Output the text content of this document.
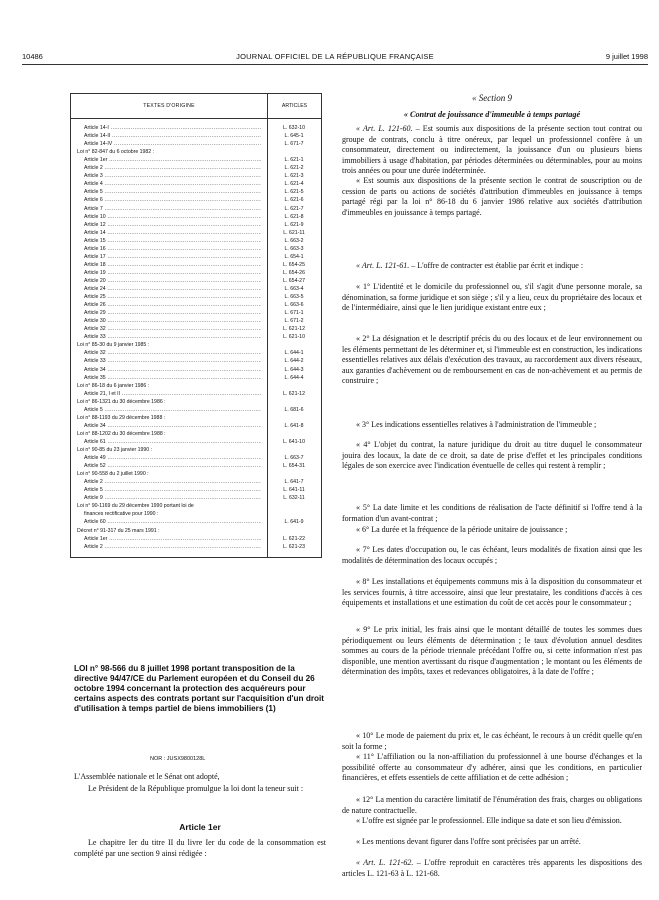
10486	JOURNAL OFFICIEL DE LA RÉPUBLIQUE FRANÇAISE	9 juillet 1998
TEXTES D'ORIGINE	ARTICLES
Article 14-I .....	L. 632-10
Article 14-II .....	L. 645-1
Article 14-IV .....	L. 671-7
Loi n° 82-847 du 6 octobre 1982 :
Article 1er .....	L. 621-1
Article 2 .....	L. 621-2
Article 3 .....	L. 621-3
Article 4 .....	L. 621-4
Article 5 .....	L. 621-5
Article 6 .....	L. 621-6
Article 7 .....	L. 621-7
Article 10 .....	L. 621-8
Article 12 .....	L. 621-9
Article 14 .....	L. 621-11
Article 15 .....	L. 663-2
Article 16 .....	L. 663-3
Article 17 .....	L. 654-1
Article 18 .....	L. 654-25
Article 19 .....	L. 654-26
Article 20 .....	L. 654-27
Article 24 .....	L. 663-4
Article 25 .....	L. 663-5
Article 26 .....	L. 663-6
Article 29 .....	L. 671-1
Article 30 .....	L. 671-2
Article 32 .....	L. 621-12
Article 33 .....	L. 621-10
Loi n° 85-30 du 9 janvier 1985 :
Article 32 .....	L. 644-1
Article 33 .....	L. 644-2
Article 34 .....	L. 644-3
Article 35 .....	L. 644-4
Loi n° 86-18 du 6 janvier 1986 :
Article 21, I et II .....	L. 621-12
Loi n° 86-1321 du 30 décembre 1986 :
Article 5 .....	L. 681-6
Loi n° 88-1193 du 29 décembre 1988 :
Article 34 .....	L. 641-8
Loi n° 88-1202 du 30 décembre 1988 :
Article 61 .....	L. 641-10
Loi n° 90-85 du 23 janvier 1990 :
Article 49 .....	L. 663-7
Article 52 .....	L. 654-31
Loi n° 90-558 du 2 juillet 1990 :
Article 2 .....	L. 641-7
Article 5 .....	L. 641-11
Article 9 .....	L. 632-11
Loi n° 90-1169 du 29 décembre 1990 portant loi de
finances rectificative pour 1990 :
Article 60 .....	L. 641-9
Décret n° 91-317 du 25 mars 1991 :
Article 1er .....	L. 621-22
Article 2 .....	L. 621-23
LOI n° 98-566 du 8 juillet 1998 portant transposition de la directive 94/47/CE du Parlement européen et du Conseil du 26 octobre 1994 concernant la protection des acquéreurs pour certains aspects des contrats portant sur l'acquisition d'un droit d'utilisation à temps partiel de biens immobiliers (1)
NOR : JUSX9800128L
L'Assemblée nationale et le Sénat ont adopté,
Le Président de la République promulgue la loi dont la teneur suit :
Article 1er
Le chapitre Ier du titre II du livre Ier du code de la consommation est complété par une section 9 ainsi rédigée :
« Section 9
« Contrat de jouissance d'immeuble à temps partagé
« Art. L. 121-60. – Est soumis aux dispositions de la présente section tout contrat ou groupe de contrats, conclu à titre onéreux, par lequel un professionnel confère à un consommateur, directement ou indirectement, la jouissance d'un ou plusieurs biens immobiliers à usage d'habitation, par périodes déterminées ou déterminables, pour au moins trois années ou pour une durée indéterminée.
« Est soumis aux dispositions de la présente section le contrat de souscription ou de cession de parts ou actions de sociétés d'attribution d'immeubles en jouissance à temps partagé régi par la loi n° 86-18 du 6 janvier 1986 relative aux sociétés d'attribution d'immeubles en jouissance à temps partagé.
« Art. L. 121-61. – L'offre de contracter est établie par écrit et indique :
« 1° L'identité et le domicile du professionnel ou, s'il s'agit d'une personne morale, sa dénomination, sa forme juridique et son siège ; s'il y a lieu, ceux du propriétaire des locaux et de l'intermédiaire, ainsi que le lien juridique existant entre eux ;
« 2° La désignation et le descriptif précis du ou des locaux et de leur environnement ou les éléments permettant de les déterminer et, si l'immeuble est en construction, les indications essentielles relatives aux délais d'exécution des travaux, au raccordement aux divers réseaux, aux garanties d'achèvement ou de remboursement en cas de non-achèvement et au permis de construire ;
« 3° Les indications essentielles relatives à l'administration de l'immeuble ;
« 4° L'objet du contrat, la nature juridique du droit au titre duquel le consommateur jouira des locaux, la date de ce droit, sa date de prise d'effet et les principales conditions légales de son exercice avec l'indication éventuelle de celles qui restent à remplir ;
« 5° La date limite et les conditions de réalisation de l'acte définitif si l'offre tend à la formation d'un avant-contrat ;
« 6° La durée et la fréquence de la période unitaire de jouissance ;
« 7° Les dates d'occupation ou, le cas échéant, leurs modalités de fixation ainsi que les modalités de détermination des locaux occupés ;
« 8° Les installations et équipements communs mis à la disposition du consommateur et les services fournis, à titre accessoire, ainsi que leur prestataire, les conditions d'accès à ces équipements et installations et une estimation du coût de cet accès pour le consommateur ;
« 9° Le prix initial, les frais ainsi que le montant détaillé de toutes les sommes dues périodiquement ou leurs éléments de détermination ; le taux d'évolution annuel desdites sommes au cours de la période triennale précédant l'offre ou, si cette information n'est pas disponible, une mention avertissant du risque d'augmentation ; le montant ou les éléments de détermination des impôts, taxes et redevances obligatoires, à la date de l'offre ;
« 10° Le mode de paiement du prix et, le cas échéant, le recours à un crédit quelle qu'en soit la forme ;
« 11° L'affiliation ou la non-affiliation du professionnel à une bourse d'échanges et la possibilité offerte au consommateur d'y adhérer, ainsi que les conditions, en particulier financières, et effets essentiels de cette affiliation et de cette adhésion ;
« 12° La mention du caractère limitatif de l'énumération des frais, charges ou obligations de nature contractuelle.
« L'offre est signée par le professionnel. Elle indique sa date et son lieu d'émission.
« Les mentions devant figurer dans l'offre sont précisées par un arrêté.
« Art. L. 121-62. – L'offre reproduit en caractères très apparents les dispositions des articles L. 121-63 à L. 121-68.
